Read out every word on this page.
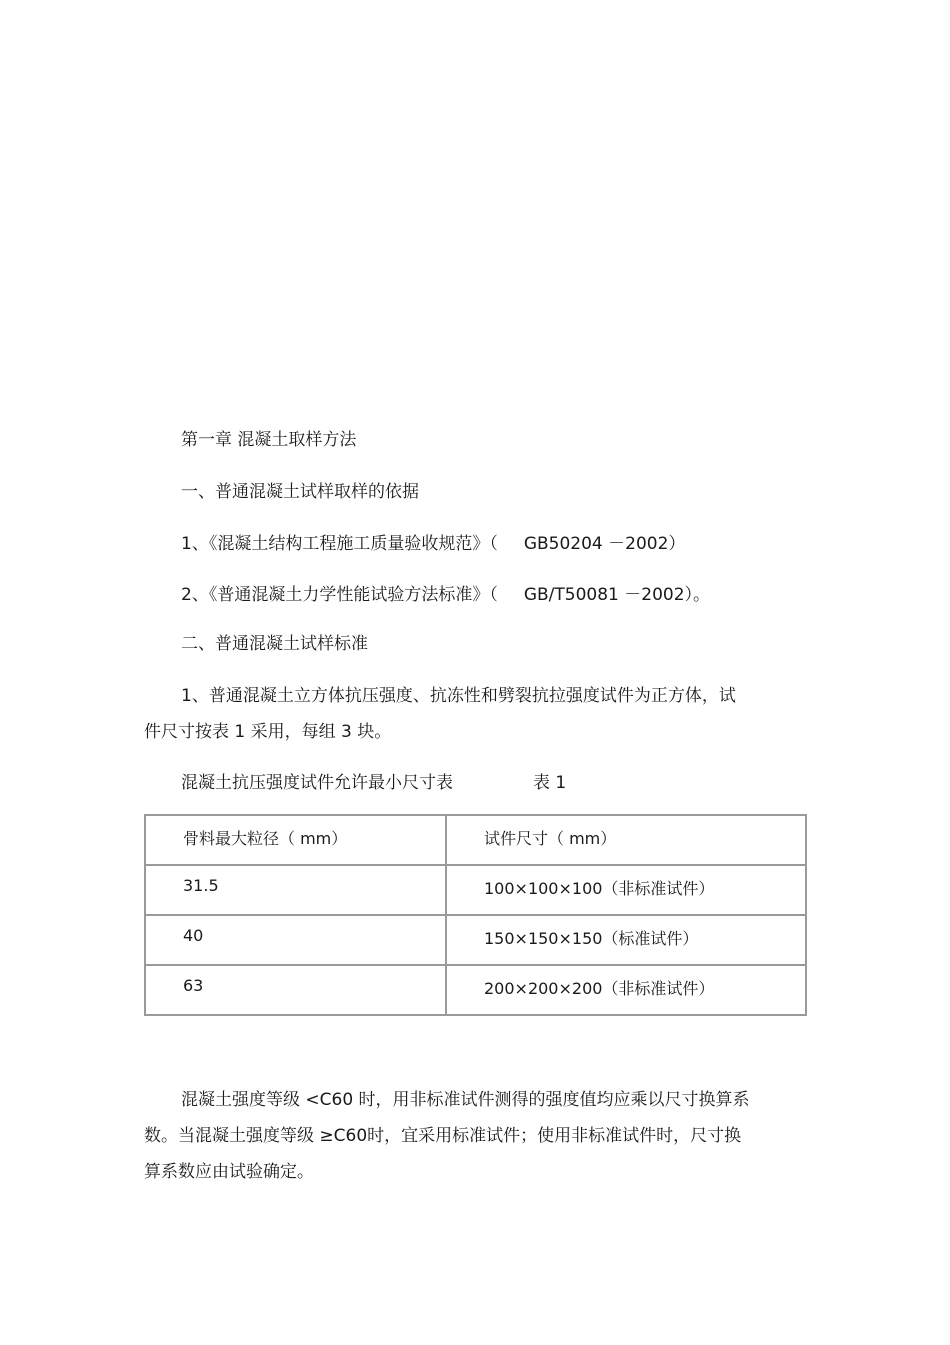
第一章 混凝土取样方法
一、普通混凝土试样取样的依据
1、《混凝土结构工程施工质量验收规范》（ GB50204 －2002）
2、《普通混凝土力学性能试验方法标准》（ GB/T50081 －2002）。
二、普通混凝土试样标准
1、普通混凝土立方体抗压强度、抗冻性和劈裂抗拉强度试件为正方体，试
件尺寸按表 1 采用，每组 3 块。
混凝土抗压强度试件允许最小尺寸表	表 1
骨料最大粒径（ mm）	试件尺寸（ mm）
31.5	100×100×100（非标准试件）
40	150×150×150（标准试件）
63	200×200×200（非标准试件）
混凝土强度等级 <C60 时，用非标准试件测得的强度值均应乘以尺寸换算系
数。当混凝土强度等级 ≥C60时，宜采用标准试件；使用非标准试件时，尺寸换
算系数应由试验确定。
